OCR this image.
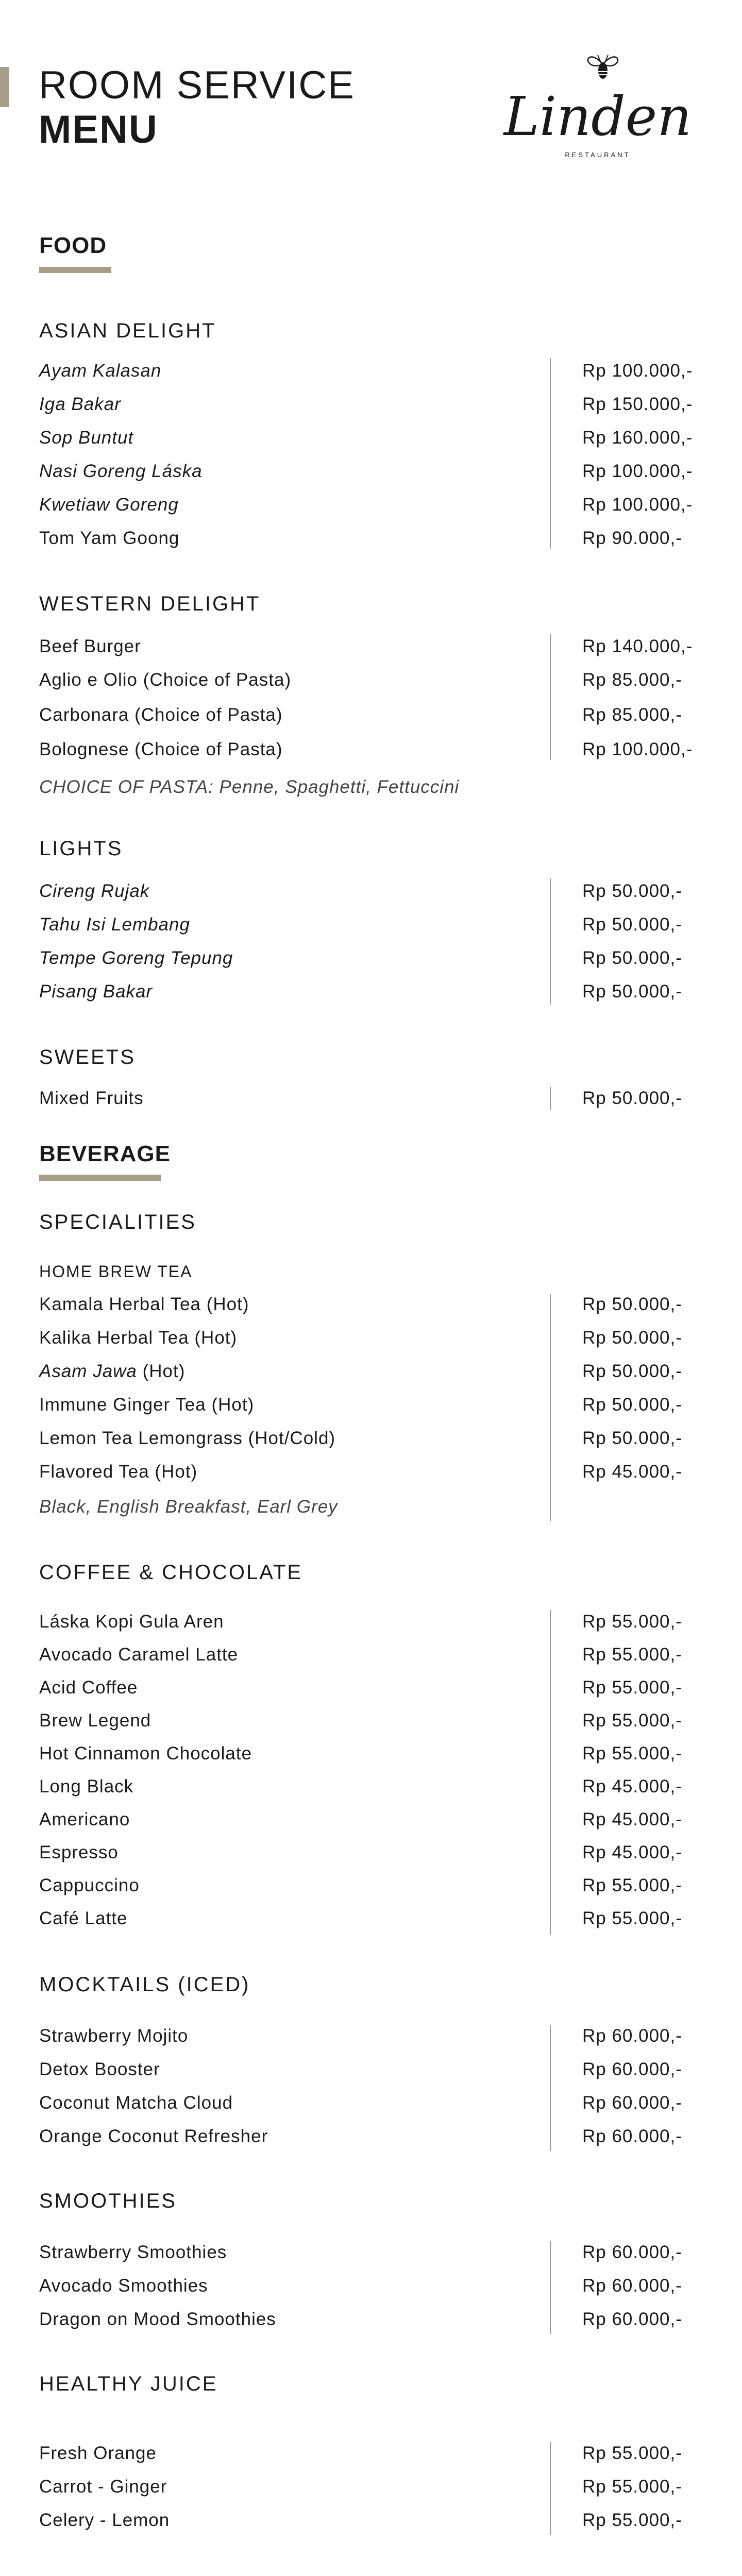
ROOM SERVICE
MENU	Linden
RESTAURANT
FOOD
ASIAN DELIGHT
Ayam Kalasan	Rp 100.000,-
Iga Bakar	Rp 150.000,-
Sop Buntut	Rp 160.000,-
Nasi Goreng Láska	Rp 100.000,-
Kwetiaw Goreng	Rp 100.000,-
Tom Yam Goong	Rp 90.000,-
WESTERN DELIGHT
Beef Burger	Rp 140.000,-
Aglio e Olio (Choice of Pasta)	Rp 85.000,-
Carbonara (Choice of Pasta)	Rp 85.000,-
Bolognese (Choice of Pasta)	Rp 100.000,-
CHOICE OF PASTA: Penne, Spaghetti, Fettuccini
LIGHTS
Cireng Rujak	Rp 50.000,-
Tahu Isi Lembang	Rp 50.000,-
Tempe Goreng Tepung	Rp 50.000,-
Pisang Bakar	Rp 50.000,-
SWEETS
Mixed Fruits	Rp 50.000,-
BEVERAGE
SPECIALITIES
HOME BREW TEA
Kamala Herbal Tea (Hot)	Rp 50.000,-
Kalika Herbal Tea (Hot)	Rp 50.000,-
Asam Jawa (Hot)	Rp 50.000,-
Immune Ginger Tea (Hot)	Rp 50.000,-
Lemon Tea Lemongrass (Hot/Cold)	Rp 50.000,-
Flavored Tea (Hot)	Rp 45.000,-
Black, English Breakfast, Earl Grey
COFFEE & CHOCOLATE
Láska Kopi Gula Aren	Rp 55.000,-
Avocado Caramel Latte	Rp 55.000,-
Acid Coffee	Rp 55.000,-
Brew Legend	Rp 55.000,-
Hot Cinnamon Chocolate	Rp 55.000,-
Long Black	Rp 45.000,-
Americano	Rp 45.000,-
Espresso	Rp 45.000,-
Cappuccino	Rp 55.000,-
Café Latte	Rp 55.000,-
MOCKTAILS (ICED)
Strawberry Mojito	Rp 60.000,-
Detox Booster	Rp 60.000,-
Coconut Matcha Cloud	Rp 60.000,-
Orange Coconut Refresher	Rp 60.000,-
SMOOTHIES
Strawberry Smoothies	Rp 60.000,-
Avocado Smoothies	Rp 60.000,-
Dragon on Mood Smoothies	Rp 60.000,-
HEALTHY JUICE
Fresh Orange	Rp 55.000,-
Carrot - Ginger	Rp 55.000,-
Celery - Lemon	Rp 55.000,-
